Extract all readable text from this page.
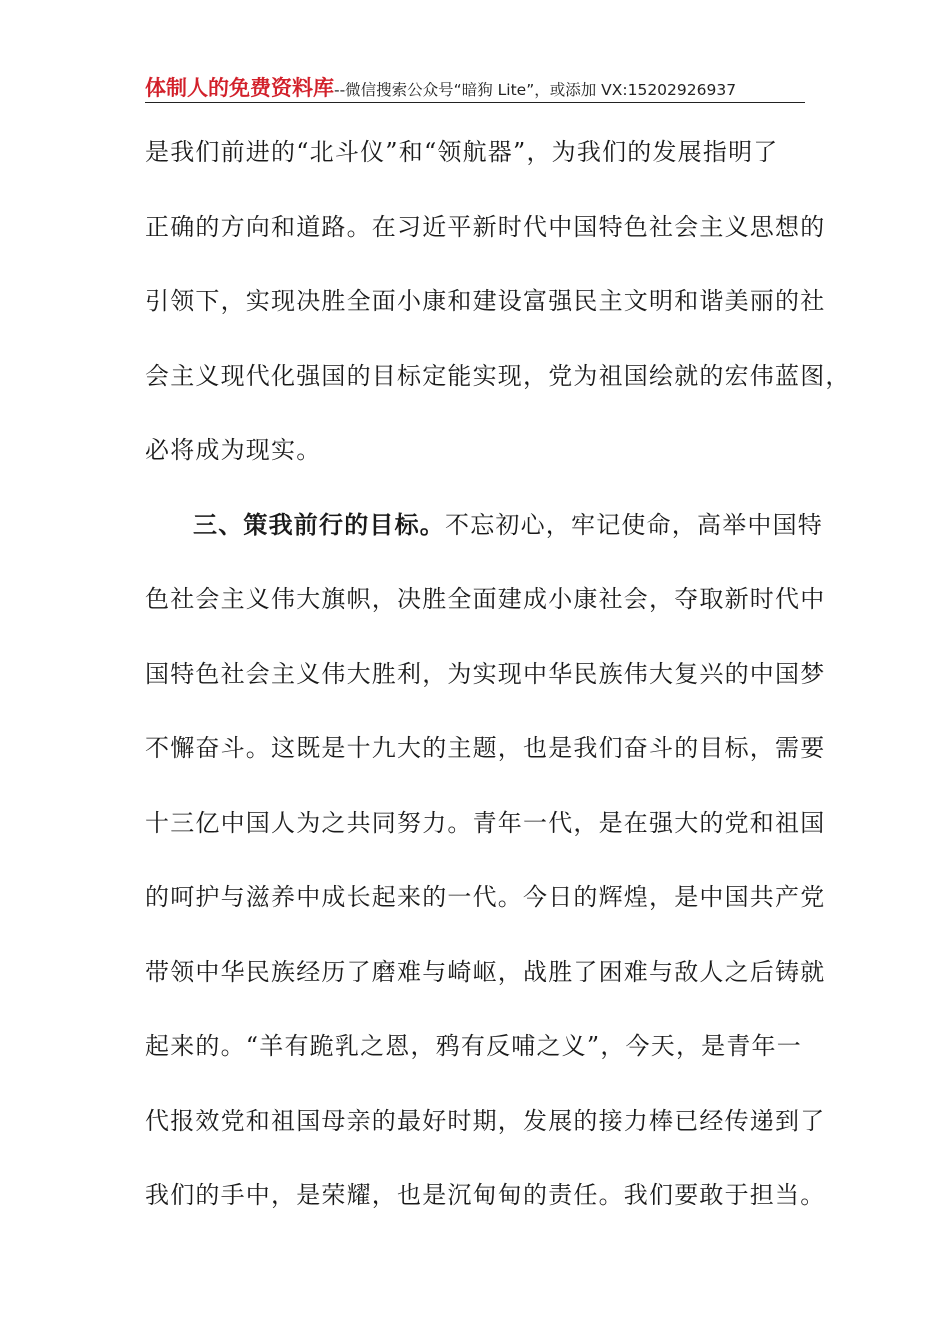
体制人的免费资料库--微信搜索公众号“暗狗 Lite”，或添加 VX:15202926937
是我们前进的“北斗仪”和“领航器”，为我们的发展指明了
正确的方向和道路。在习近平新时代中国特色社会主义思想的
引领下，实现决胜全面小康和建设富强民主文明和谐美丽的社
会主义现代化强国的目标定能实现，党为祖国绘就的宏伟蓝图，
必将成为现实。
三、策我前行的目标。不忘初心，牢记使命，高举中国特
色社会主义伟大旗帜，决胜全面建成小康社会，夺取新时代中
国特色社会主义伟大胜利，为实现中华民族伟大复兴的中国梦
不懈奋斗。这既是十九大的主题，也是我们奋斗的目标，需要
十三亿中国人为之共同努力。青年一代，是在强大的党和祖国
的呵护与滋养中成长起来的一代。今日的辉煌，是中国共产党
带领中华民族经历了磨难与崎岖，战胜了困难与敌人之后铸就
起来的。“羊有跪乳之恩，鸦有反哺之义”，今天，是青年一
代报效党和祖国母亲的最好时期，发展的接力棒已经传递到了
我们的手中，是荣耀，也是沉甸甸的责任。我们要敢于担当。
